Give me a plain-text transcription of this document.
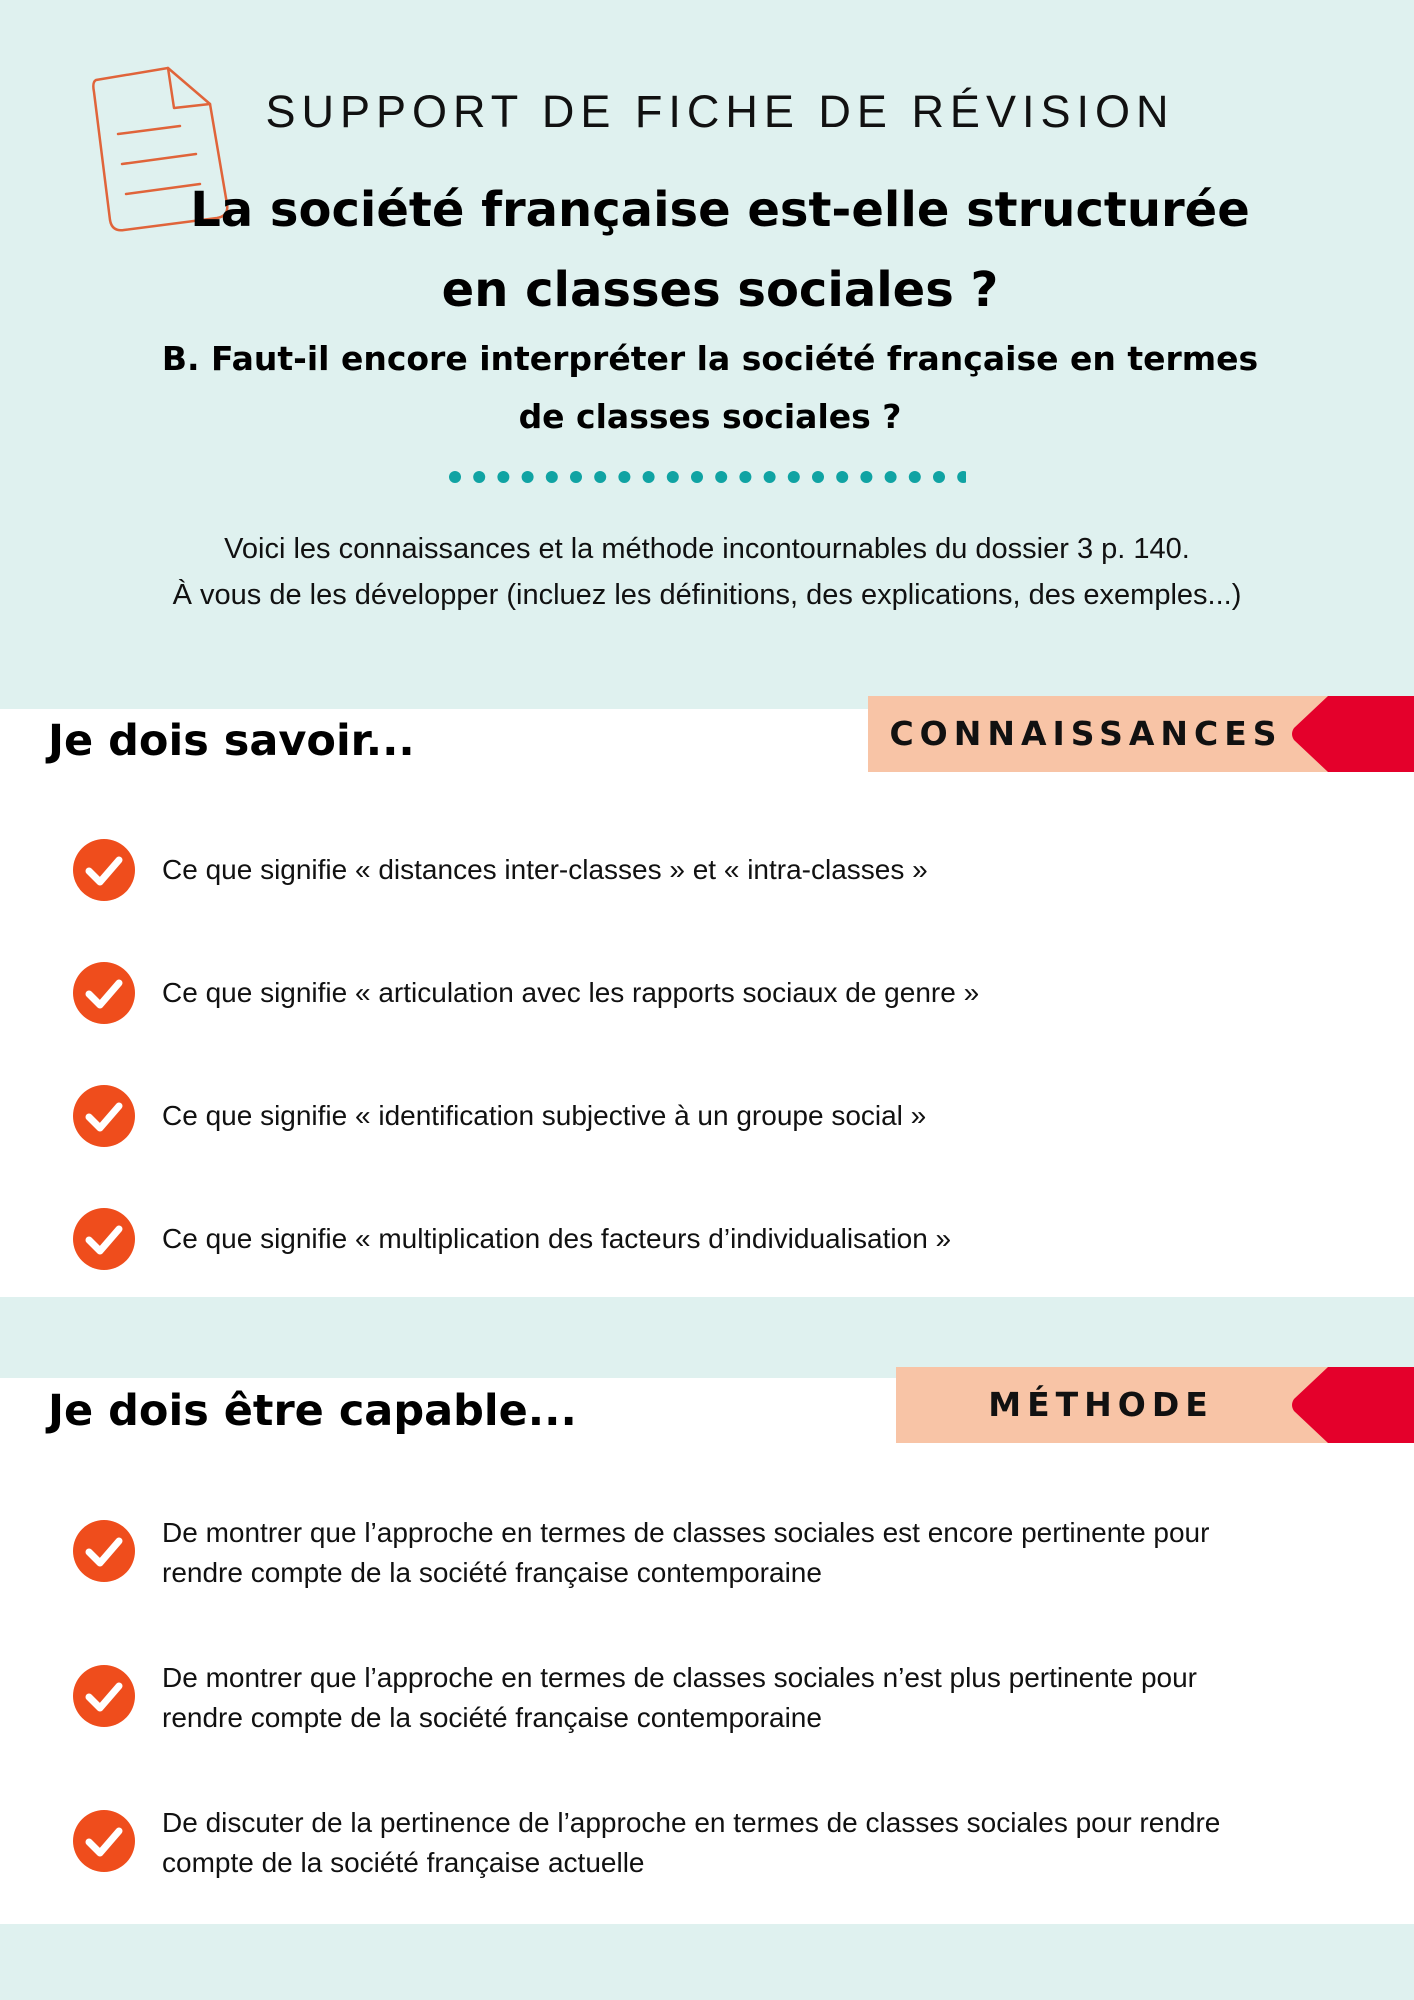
SUPPORT DE FICHE DE RÉVISION
La société française est-elle structurée en classes sociales ?
B. Faut-il encore interpréter la société française en termes de classes sociales ?
Voici les connaissances et la méthode incontournables du dossier 3 p. 140.
À vous de les développer (incluez les définitions, des explications, des exemples...)
Je dois savoir...	CONNAISSANCES
Ce que signifie « distances inter-classes » et « intra-classes »
Ce que signifie « articulation avec les rapports sociaux de genre »
Ce que signifie « identification subjective à un groupe social »
Ce que signifie « multiplication des facteurs d’individualisation »
Je dois être capable...	MÉTHODE
De montrer que l’approche en termes de classes sociales est encore pertinente pour rendre compte de la société française contemporaine
De montrer que l’approche en termes de classes sociales n’est plus pertinente pour rendre compte de la société française contemporaine
De discuter de la pertinence de l’approche en termes de classes sociales pour rendre compte de la société française actuelle
